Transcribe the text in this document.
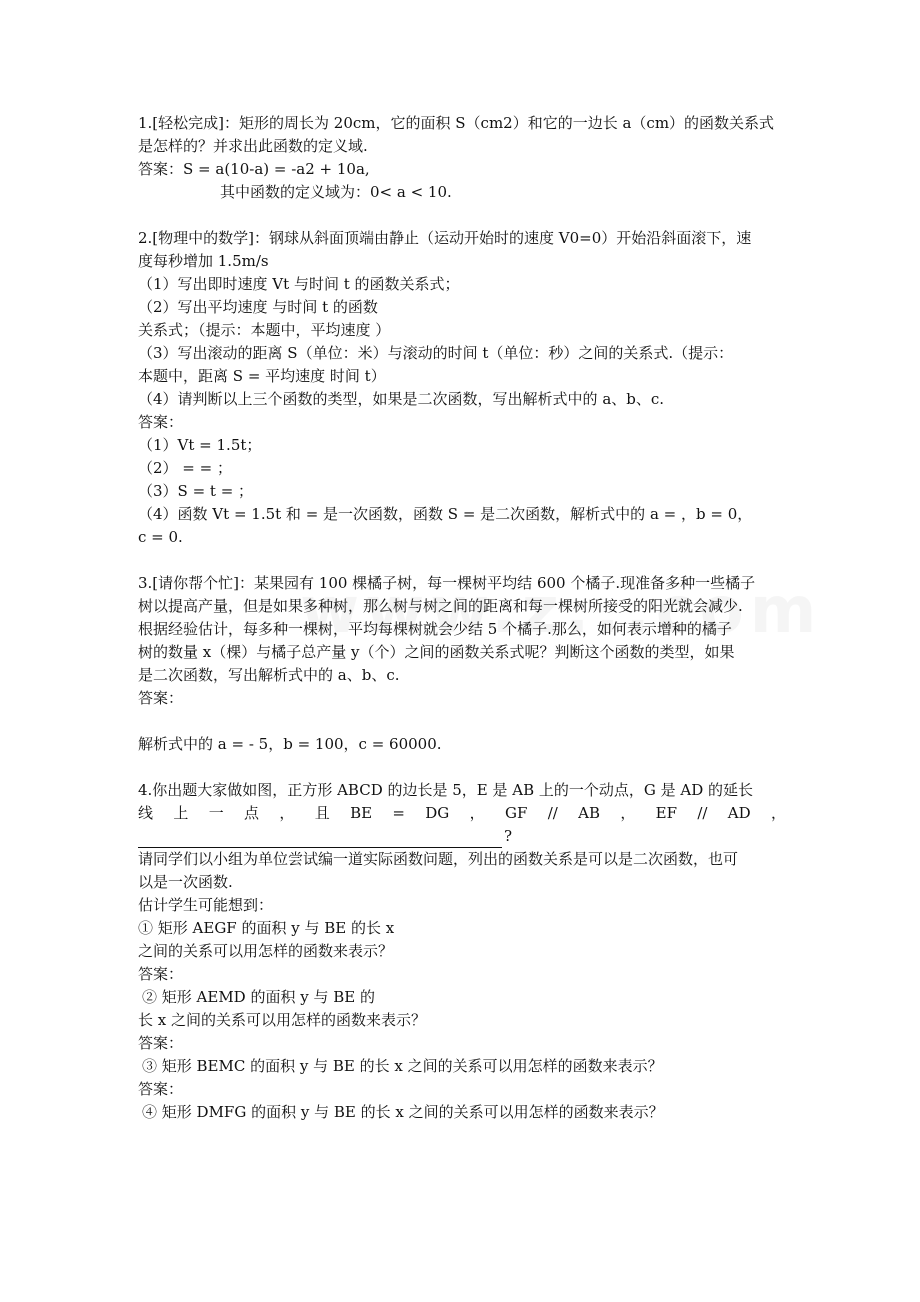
1.[轻松完成]：矩形的周长为 20cm，它的面积 S（cm2）和它的一边长 a（cm）的函数关系式

是怎样的？并求出此函数的定义域.

答案：S = a(10-a) = -a2 + 10a,

其中函数的定义域为：0< a < 10.

2.[物理中的数学]：钢球从斜面顶端由静止（运动开始时的速度 V0=0）开始沿斜面滚下，速

度每秒增加 1.5m/s

（1）写出即时速度 Vt 与时间 t 的函数关系式；

（2）写出平均速度 与时间 t 的函数

关系式；（提示：本题中，平均速度 ）

（3）写出滚动的距离 S（单位：米）与滚动的时间 t（单位：秒）之间的关系式.（提示：

本题中，距离 S = 平均速度 时间 t）

（4）请判断以上三个函数的类型，如果是二次函数，写出解析式中的 a、b、c.

答案：

（1）Vt = 1.5t；

（2） = = ；

（3）S = t = ；

（4）函数 Vt = 1.5t 和 = 是一次函数，函数 S = 是二次函数，解析式中的 a = ，b = 0，

c = 0.

3.[请你帮个忙]：某果园有 100 棵橘子树，每一棵树平均结 600 个橘子.现准备多种一些橘子

树以提高产量，但是如果多种树，那么树与树之间的距离和每一棵树所接受的阳光就会减少.

根据经验估计，每多种一棵树，平均每棵树就会少结 5 个橘子.那么，如何表示增种的橘子

树的数量 x（棵）与橘子总产量 y（个）之间的函数关系式呢？判断这个函数的类型，如果

是二次函数，写出解析式中的 a、b、c.

答案：

解析式中的 a = - 5，b = 100，c = 60000.

4.你出题大家做如图，正方形 ABCD 的边长是 5，E 是 AB 上的一个动点，G 是 AD 的延长

线 上 一 点 ， 且 BE = DG ， GF // AB ， EF // AD ，
?

请同学们以小组为单位尝试编一道实际函数问题，列出的函数关系是可以是二次函数，也可

以是一次函数.

估计学生可能想到：

① 矩形 AEGF 的面积 y 与 BE 的长 x

之间的关系可以用怎样的函数来表示？

答案：

② 矩形 AEMD 的面积 y 与 BE 的

长 x 之间的关系可以用怎样的函数来表示？

答案：

③ 矩形 BEMC 的面积 y 与 BE 的长 x 之间的关系可以用怎样的函数来表示？

答案：

④ 矩形 DMFG 的面积 y 与 BE 的长 x 之间的关系可以用怎样的函数来表示？
